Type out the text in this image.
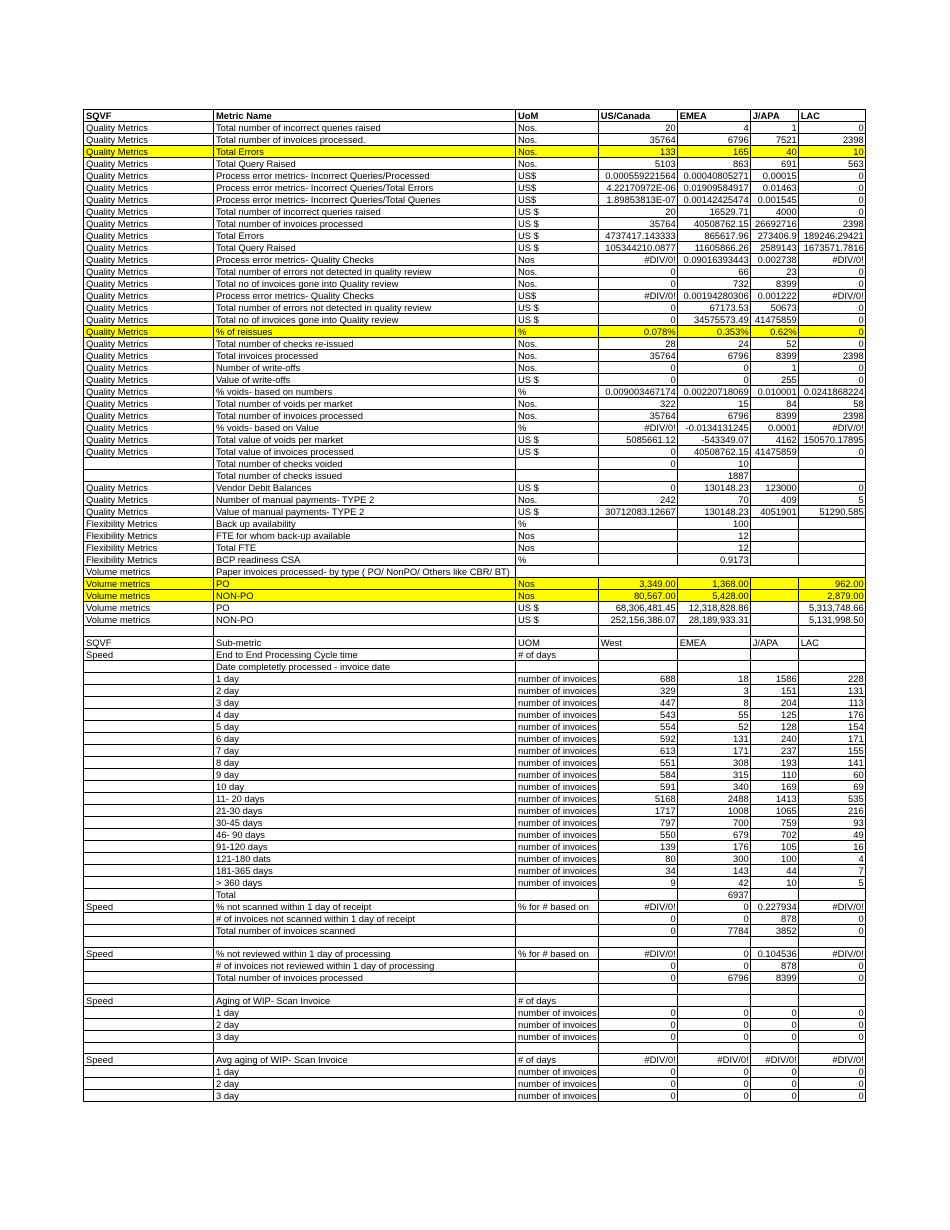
SQVF	Metric Name	UoM	US/Canada	EMEA	J/APA	LAC
Quality Metrics	Total number of incorrect queries raised	Nos.	20	4	1	0
Quality Metrics	Total number of invoices processed.	Nos.	35764	6796	7521	2398
Quality Metrics	Total Errors	Nos.	133	165	40	10
Quality Metrics	Total Query Raised	Nos.	5103	863	691	563
Quality Metrics	Process error metrics- Incorrect Queries/Processed	US$	0.000559221564	0.00040805271	0.00015	0
Quality Metrics	Process error metrics- Incorrect Queries/Total Errors	US$	4.22170972E-06	0.01909584917	0.01463	0
Quality Metrics	Process error metrics- Incorrect Queries/Total Queries	US$	1.89853813E-07	0.00142425474	0.001545	0
Quality Metrics	Total number of incorrect queries raised	US $	20	16529.71	4000	0
Quality Metrics	Total number of invoices processed	US $	35764	40508762.15	26692716	2398
Quality Metrics	Total Errors	US $	4737417.143333	865617.96	273406.9	189246.29421
Quality Metrics	Total Query Raised	US $	105344210.0877	11605866.26	2589143	1673571.7816
Quality Metrics	Process error metrics- Quality Checks	Nos	#DIV/0!	0.09016393443	0.002738	#DIV/0!
Quality Metrics	Total number of errors not detected in quality review	Nos.	0	66	23	0
Quality Metrics	Total no of invoices gone into Quality review	Nos.	0	732	8399	0
Quality Metrics	Process error metrics- Quality Checks	US$	#DIV/0!	0.00194280306	0.001222	#DIV/0!
Quality Metrics	Total number of errors not detected in quality review	US $	0	67173.53	50673	0
Quality Metrics	Total no of invoices gone into Quality review	US $	0	34575573.49	41475859	0
Quality Metrics	% of reissues	%	0.078%	0.353%	0.62%	0
Quality Metrics	Total number of checks re-issued	Nos.	28	24	52	0
Quality Metrics	Total invoices processed	Nos.	35764	6796	8399	2398
Quality Metrics	Number of write-offs	Nos.	0	0	1	0
Quality Metrics	Value of write-offs	US $	0	0	255	0
Quality Metrics	% voids- based on numbers	%	0.009003467174	0.00220718069	0.010001	0.0241868224
Quality Metrics	Total number of voids per market	Nos.	322	15	84	58
Quality Metrics	Total number of invoices processed	Nos.	35764	6796	8399	2398
Quality Metrics	% voids- based on Value	%	#DIV/0!	-0.0134131245	0.0001	#DIV/0!
Quality Metrics	Total value of voids per market	US $	5085661.12	-543349.07	4162	150570.17895
Quality Metrics	Total value of invoices processed	US $	0	40508762.15	41475859	0
	Total number of checks voided		0	10		
	Total number of checks issued			1887		
Quality Metrics	Vendor Debit Balances	US $	0	130148.23	123000	0
Quality Metrics	Number of manual payments- TYPE 2	Nos.	242	70	409	5
Quality Metrics	Value of manual payments- TYPE 2	US $	30712083.12667	130148.23	4051901	51290.585
Flexibility Metrics	Back up availability	%		100		
Flexibility Metrics	FTE for whom back-up available	Nos		12		
Flexibility Metrics	Total FTE	Nos		12		
Flexibility Metrics	BCP readiness CSA	%		0.9173		
Volume metrics	Paper invoices processed- by type ( PO/ NonPO/ Others like CBR/ BT)					
Volume metrics	PO	Nos	3,349.00	1,368.00		962.00
Volume metrics	NON-PO	Nos	80,567.00	5,428.00		2,879.00
Volume metrics	PO	US $	68,306,481.45	12,318,828.86		5,313,748.66
Volume metrics	NON-PO	US $	252,156,386.07	28,189,933.31		5,131,998.50

SQVF	Sub-metric	UOM	West	EMEA	J/APA	LAC
Speed	End to End Processing Cycle time	# of days				
	Date completetly processed - invoice date					
	1 day	number of invoices	688	18	1586	228
	2 day	number of invoices	329	3	151	131
	3 day	number of invoices	447	8	204	113
	4 day	number of invoices	543	55	125	176
	5 day	number of invoices	554	52	128	154
	6 day	number of invoices	592	131	240	171
	7 day	number of invoices	613	171	237	155
	8 day	number of invoices	551	308	193	141
	9 day	number of invoices	584	315	110	60
	10 day	number of invoices	591	340	169	69
	11- 20 days	number of invoices	5168	2488	1413	535
	21-30 days	number of invoices	1717	1008	1065	216
	30-45 days	number of invoices	797	700	759	93
	46- 90 days	number of invoices	550	679	702	49
	91-120 days	number of invoices	139	176	105	16
	121-180 dats	number of invoices	80	300	100	4
	181-365 days	number of invoices	34	143	44	7
	> 360 days	number of invoices	9	42	10	5
	Total			6937		
Speed	% not scanned within 1 day of receipt	% for # based on	#DIV/0!	0	0.227934	#DIV/0!
	# of invoices not scanned within 1 day of receipt		0	0	878	0
	Total number of invoices scanned		0	7784	3852	0

Speed	% not reviewed within 1 day of processing	% for # based on	#DIV/0!	0	0.104536	#DIV/0!
	# of invoices not reviewed within 1 day of processing		0	0	878	0
	Total number of invoices processed		0	6796	8399	0

Speed	Aging of WIP- Scan Invoice	# of days				
	1 day	number of invoices	0	0	0	0
	2 day	number of invoices	0	0	0	0
	3 day	number of invoices	0	0	0	0

Speed	Avg aging of WIP- Scan Invoice	# of days	#DIV/0!	#DIV/0!	#DIV/0!	#DIV/0!
	1 day	number of invoices	0	0	0	0
	2 day	number of invoices	0	0	0	0
	3 day	number of invoices	0	0	0	0
